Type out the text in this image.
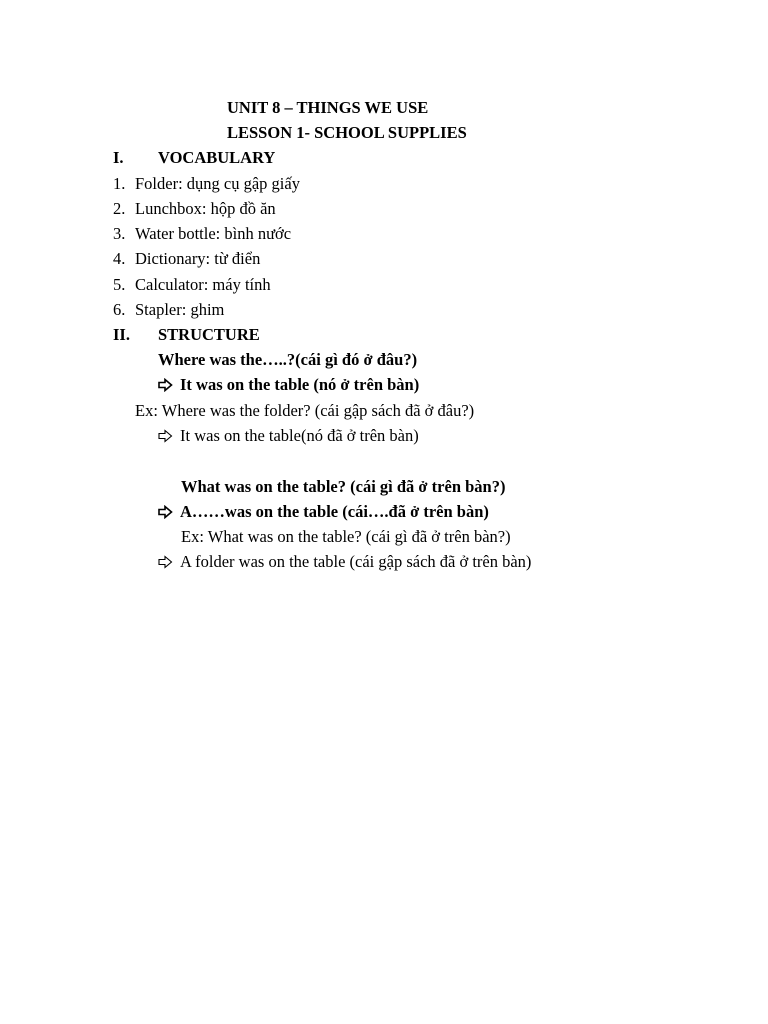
UNIT 8 – THINGS WE USE
LESSON 1- SCHOOL SUPPLIES
I. VOCABULARY
1. Folder: dụng cụ gập giấy
2. Lunchbox: hộp đồ ăn
3. Water bottle: bình nước
4. Dictionary: từ điển
5. Calculator: máy tính
6. Stapler: ghim
II. STRUCTURE
Where was the…..?(cái gì đó ở đâu?)
It was on the table (nó ở trên bàn)
Ex: Where was the folder? (cái gập sách đã ở đâu?)
It was on the table(nó đã ở trên bàn)
What was on the table? (cái gì đã ở trên bàn?)
A……was on the table (cái….đã ở trên bàn)
Ex: What was on the table? (cái gì đã ở trên bàn?)
A folder was on the table (cái gập sách đã ở trên bàn)
